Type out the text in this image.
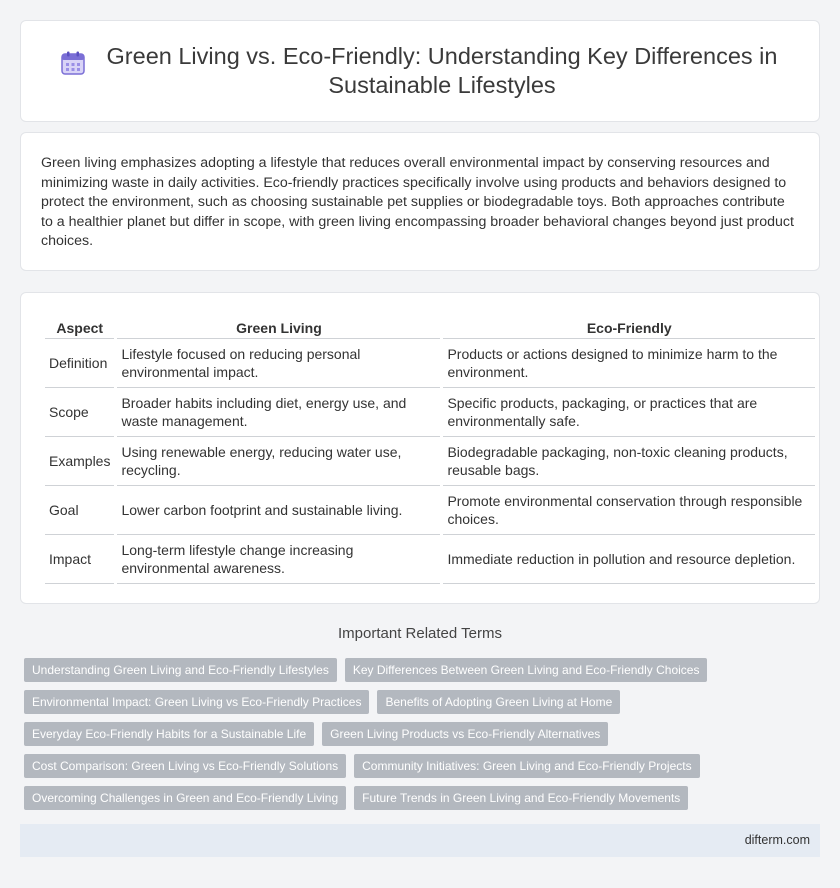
Green Living vs. Eco-Friendly: Understanding Key Differences in Sustainable Lifestyles

Green living emphasizes adopting a lifestyle that reduces overall environmental impact by conserving resources and minimizing waste in daily activities. Eco-friendly practices specifically involve using products and behaviors designed to protect the environment, such as choosing sustainable pet supplies or biodegradable toys. Both approaches contribute to a healthier planet but differ in scope, with green living encompassing broader behavioral changes beyond just product choices.

Aspect	Green Living	Eco-Friendly
Definition	Lifestyle focused on reducing personal environmental impact.	Products or actions designed to minimize harm to the environment.
Scope	Broader habits including diet, energy use, and waste management.	Specific products, packaging, or practices that are environmentally safe.
Examples	Using renewable energy, reducing water use, recycling.	Biodegradable packaging, non-toxic cleaning products, reusable bags.
Goal	Lower carbon footprint and sustainable living.	Promote environmental conservation through responsible choices.
Impact	Long-term lifestyle change increasing environmental awareness.	Immediate reduction in pollution and resource depletion.
Important Related Terms
Understanding Green Living and Eco-Friendly Lifestyles	Key Differences Between Green Living and Eco-Friendly Choices
Environmental Impact: Green Living vs Eco-Friendly Practices	Benefits of Adopting Green Living at Home
Everyday Eco-Friendly Habits for a Sustainable Life	Green Living Products vs Eco-Friendly Alternatives
Cost Comparison: Green Living vs Eco-Friendly Solutions	Community Initiatives: Green Living and Eco-Friendly Projects
Overcoming Challenges in Green and Eco-Friendly Living	Future Trends in Green Living and Eco-Friendly Movements
difterm.com
